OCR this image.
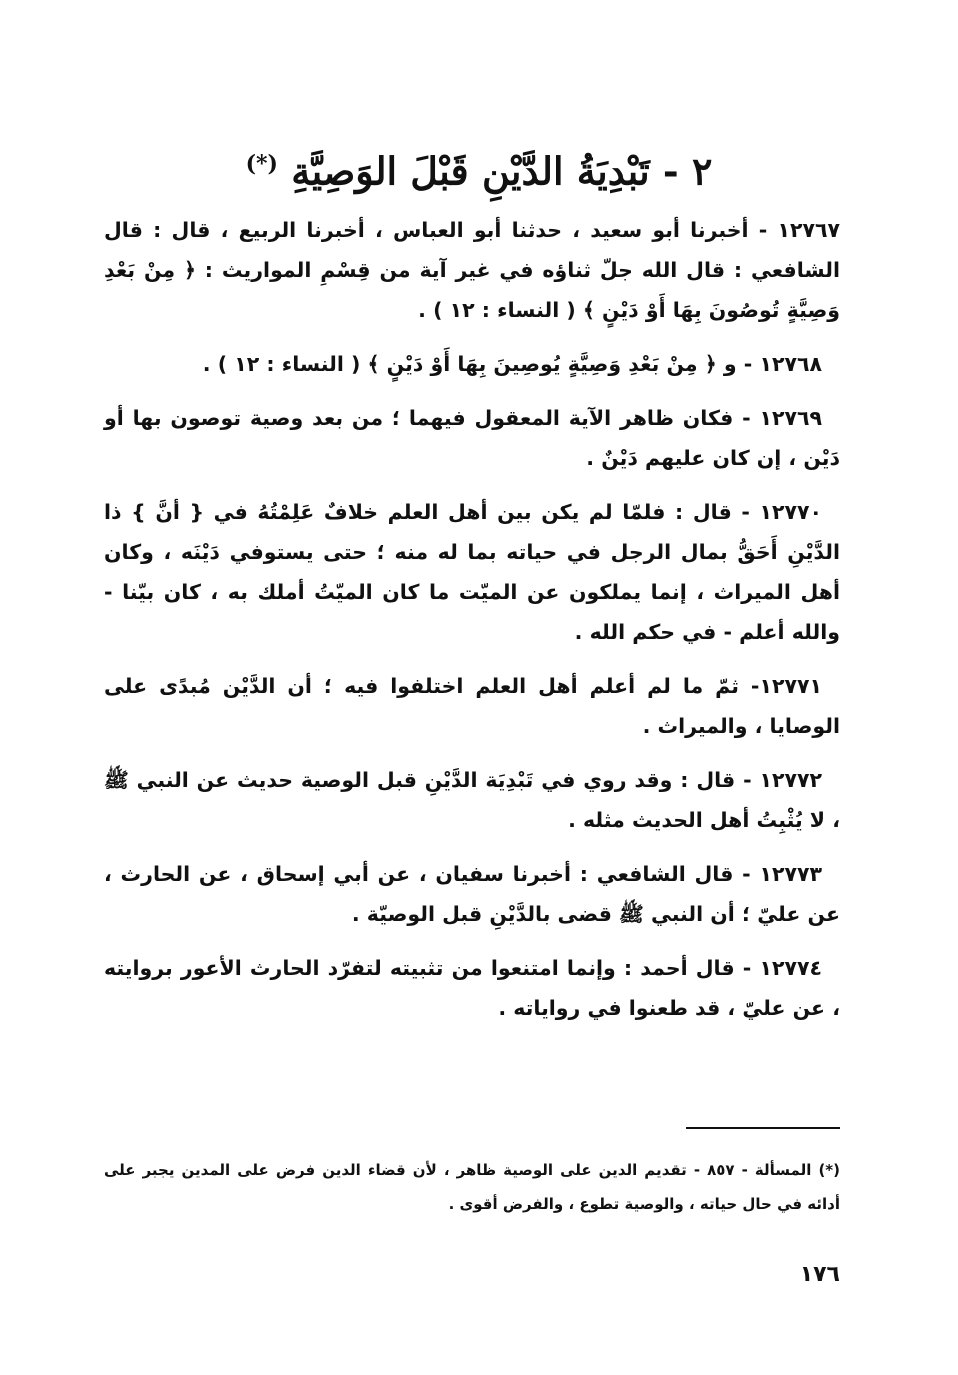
٢ - تَبْدِيَةُ الدَّيْنِ قَبْلَ الوَصِيَّةِ (*)

١٢٧٦٧ - أخبرنا أبو سعيد ، حدثنا أبو العباس ، أخبرنا الربيع ، قال : قال الشافعي : قال الله جلّ ثناؤه في غير آية من قِسْمِ المواريث : ﴿ مِنْ بَعْدِ وَصِيَّةٍ تُوصُونَ بِهَا أَوْ دَيْنٍ ﴾ ( النساء : ١٢ ) .

١٢٧٦٨ - و ﴿ مِنْ بَعْدِ وَصِيَّةٍ يُوصِينَ بِهَا أَوْ دَيْنٍ ﴾ ( النساء : ١٢ ) .

١٢٧٦٩ - فكان ظاهر الآية المعقول فيهما ؛ من بعد وصية توصون بها أو دَيْن ، إن كان عليهم دَيْنٌ .

١٢٧٧٠ - قال : فلمّا لم يكن بين أهل العلم خلافٌ عَلِمْتُهُ في { أنَّ } ذا الدَّيْنِ أَحَقُّ بمال الرجل في حياته بما له منه ؛ حتى يستوفي دَيْنَه ، وكان أهل الميراث ، إنما يملكون عن الميّت ما كان الميّتُ أملك به ، كان بيّنا - والله أعلم - في حكم الله .

١٢٧٧١- ثمّ ما لم أعلم أهل العلم اختلفوا فيه ؛ أن الدَّيْن مُبدًى على الوصايا ، والميراث .

١٢٧٧٢ - قال : وقد روي في تَبْدِيَة الدَّيْنِ قبل الوصية حديث عن النبي ﷺ ، لا يُثْبِتُ أهل الحديث مثله .

١٢٧٧٣ - قال الشافعي : أخبرنا سفيان ، عن أبي إسحاق ، عن الحارث ، عن عليّ ؛ أن النبي ﷺ قضى بالدَّيْنِ قبل الوصيّة .

١٢٧٧٤ - قال أحمد : وإنما امتنعوا من تثبيته لتفرّد الحارث الأعور بروايته ، عن عليّ ، قد طعنوا في رواياته .

(*) المسألة - ٨٥٧ - تقديم الدين على الوصية ظاهر ، لأن قضاء الدين فرض على المدين يجبر على أدائه في حال حياته ، والوصية تطوع ، والفرض أقوى .
١٧٦
